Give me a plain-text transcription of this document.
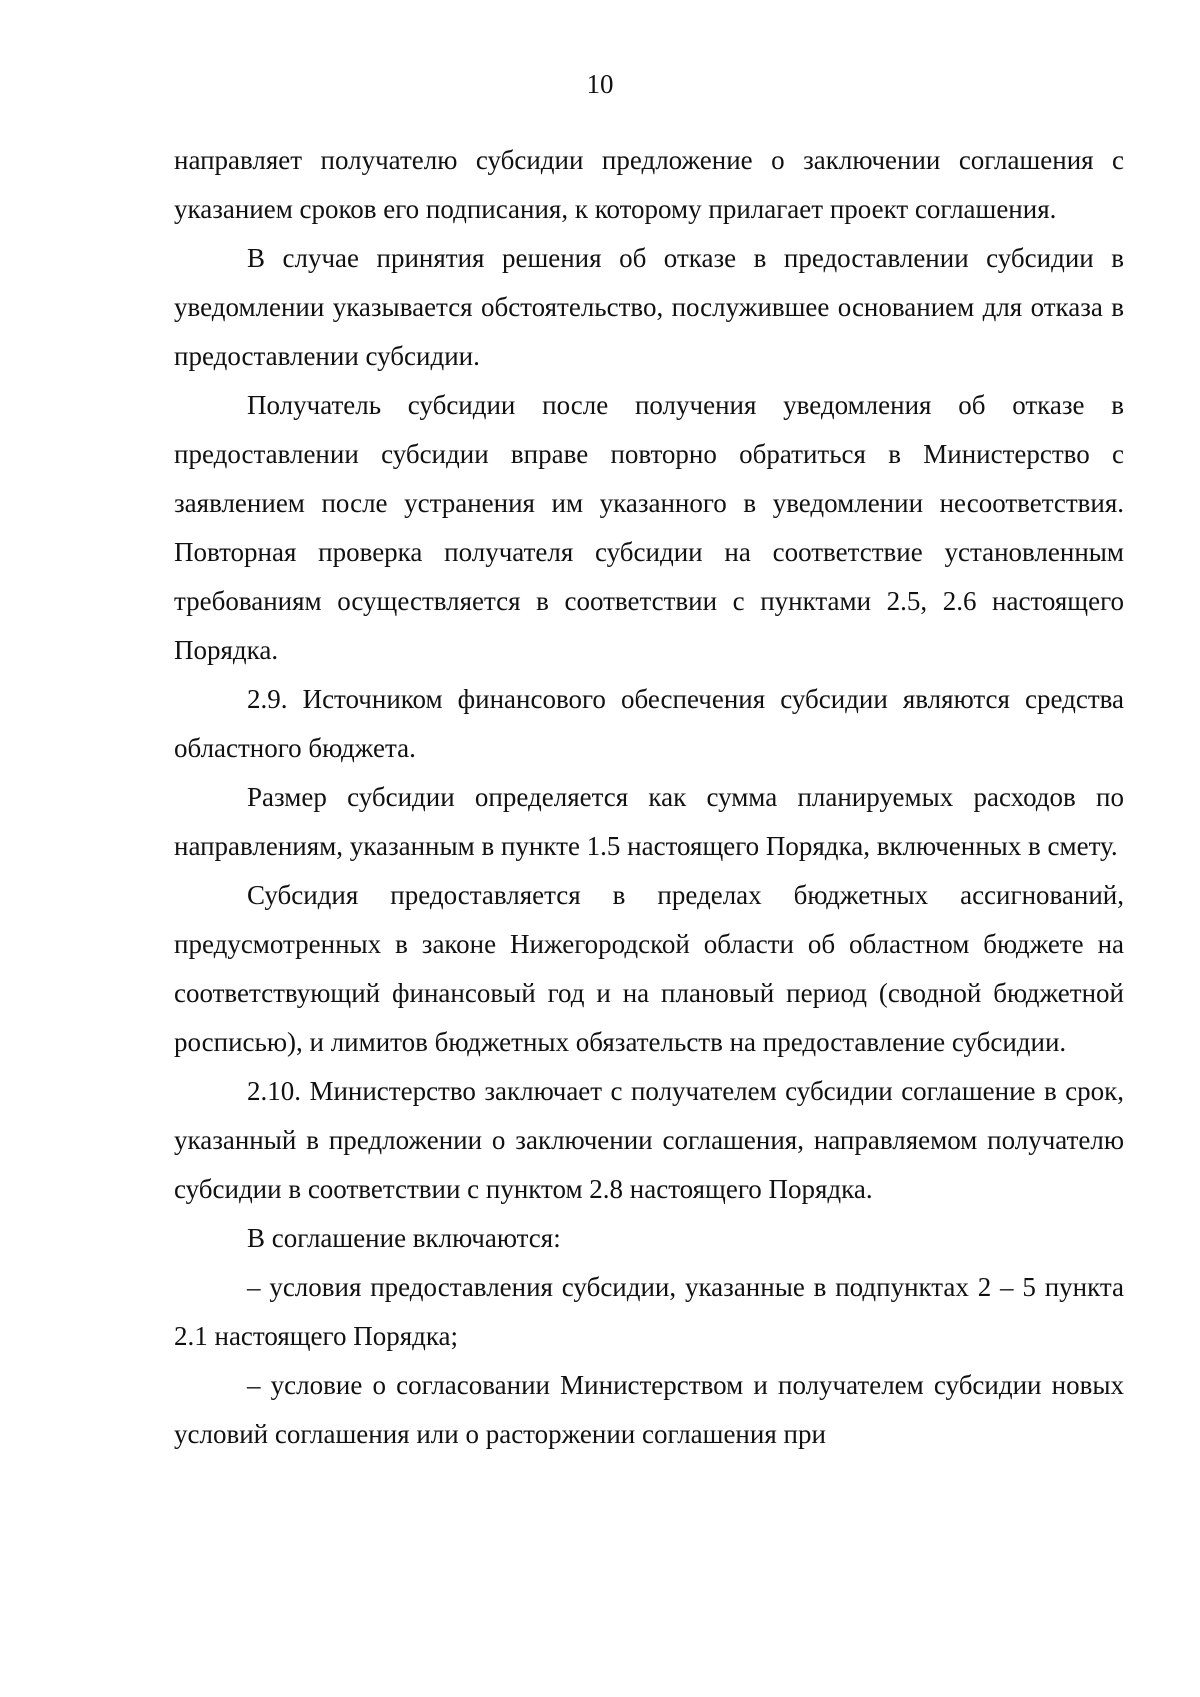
10

направляет получателю субсидии предложение о заключении соглашения с указанием сроков его подписания, к которому прилагает проект соглашения.

В случае принятия решения об отказе в предоставлении субсидии в уведомлении указывается обстоятельство, послужившее основанием для отказа в предоставлении субсидии.

Получатель субсидии после получения уведомления об отказе в предоставлении субсидии вправе повторно обратиться в Министерство с заявлением после устранения им указанного в уведомлении несоответствия. Повторная проверка получателя субсидии на соответствие установленным требованиям осуществляется в соответствии с пунктами 2.5, 2.6 настоящего Порядка.

2.9. Источником финансового обеспечения субсидии являются средства областного бюджета.

Размер субсидии определяется как сумма планируемых расходов по направлениям, указанным в пункте 1.5 настоящего Порядка, включенных в смету.

Субсидия предоставляется в пределах бюджетных ассигнований, предусмотренных в законе Нижегородской области об областном бюджете на соответствующий финансовый год и на плановый период (сводной бюджетной росписью), и лимитов бюджетных обязательств на предоставление субсидии.

2.10. Министерство заключает с получателем субсидии соглашение в срок, указанный в предложении о заключении соглашения, направляемом получателю субсидии в соответствии с пунктом 2.8 настоящего Порядка.

В соглашение включаются:

– условия предоставления субсидии, указанные в подпунктах 2 – 5 пункта 2.1 настоящего Порядка;

– условие о согласовании Министерством и получателем субсидии новых условий соглашения или о расторжении соглашения при
